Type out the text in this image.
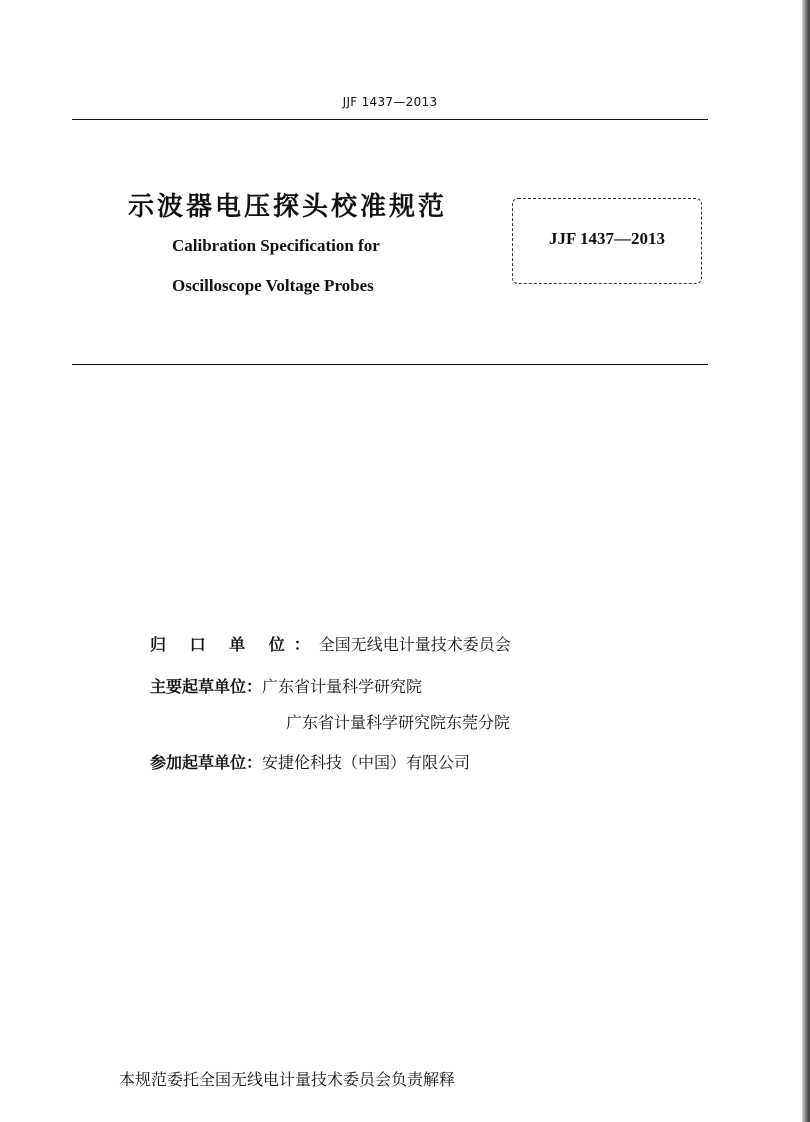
JJF 1437—2013
示波器电压探头校准规范
Calibration Specification for
Oscilloscope Voltage Probes
JJF 1437—2013
归 口 单 位：全国无线电计量技术委员会
主要起草单位：广东省计量科学研究院
广东省计量科学研究院东莞分院
参加起草单位：安捷伦科技（中国）有限公司
本规范委托全国无线电计量技术委员会负责解释
